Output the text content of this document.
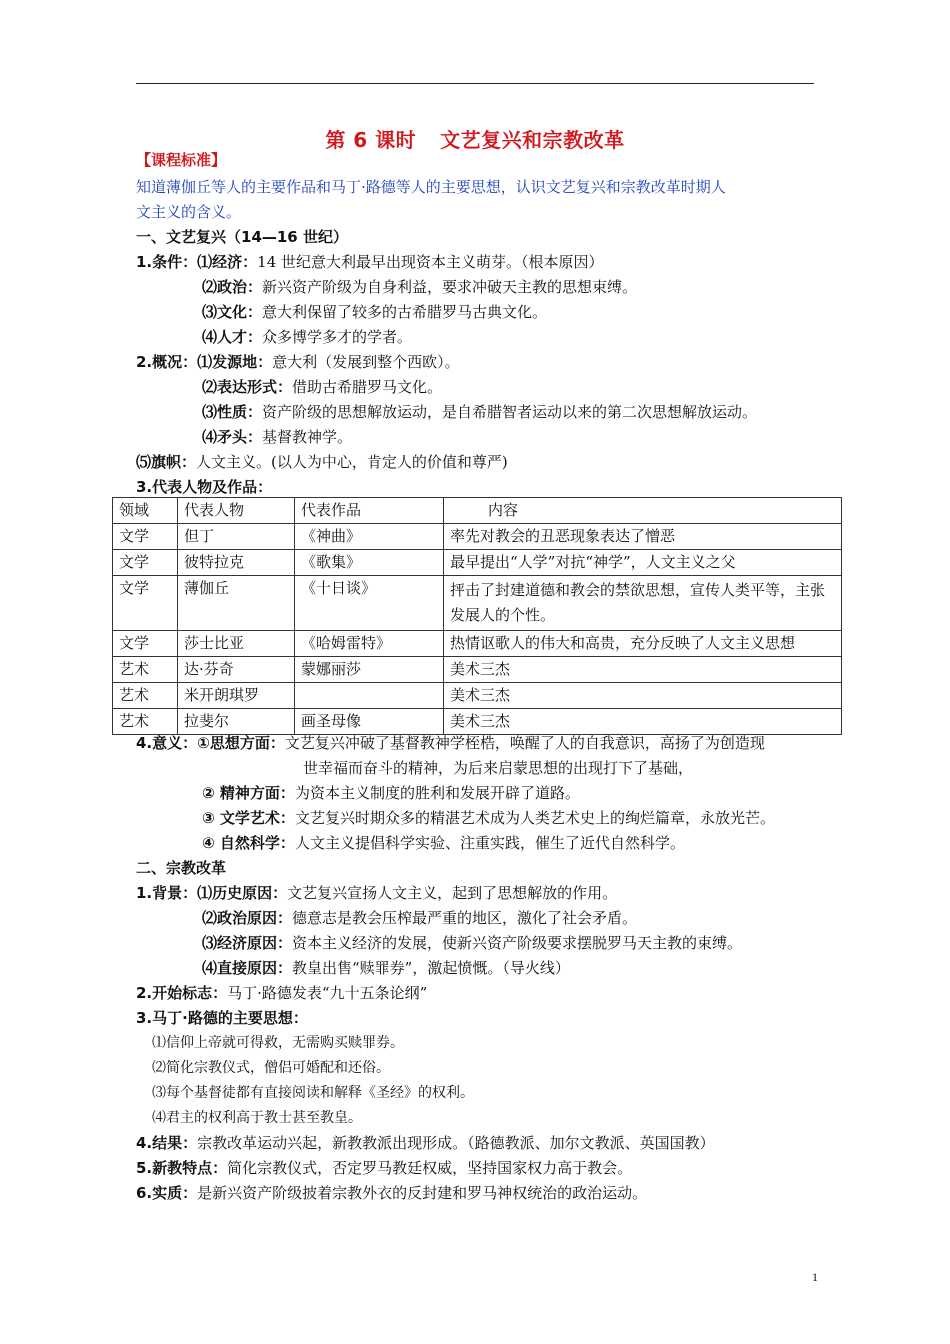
第 6 课时 文艺复兴和宗教改革
【课程标准】
知道薄伽丘等人的主要作品和马丁·路德等人的主要思想，认识文艺复兴和宗教改革时期人
文主义的含义。
一、文艺复兴（14—16 世纪）
1.条件：⑴经济：14 世纪意大利最早出现资本主义萌芽。（根本原因）
⑵政治：新兴资产阶级为自身利益，要求冲破天主教的思想束缚。
⑶文化：意大利保留了较多的古希腊罗马古典文化。
⑷人才：众多博学多才的学者。
2.概况：⑴发源地：意大利（发展到整个西欧）。
⑵表达形式：借助古希腊罗马文化。
⑶性质：资产阶级的思想解放运动，是自希腊智者运动以来的第二次思想解放运动。
⑷矛头：基督教神学。
⑸旗帜：人文主义。(以人为中心，肯定人的价值和尊严)
3.代表人物及作品：
领域	代表人物	代表作品	内容
文学	但丁	《神曲》	率先对教会的丑恶现象表达了憎恶
文学	彼特拉克	《歌集》	最早提出“人学”对抗“神学”，人文主义之父
文学	薄伽丘	《十日谈》	抨击了封建道德和教会的禁欲思想，宣传人类平等，主张发展人的个性。
文学	莎士比亚	《哈姆雷特》	热情讴歌人的伟大和高贵，充分反映了人文主义思想
艺术	达·芬奇	蒙娜丽莎	美术三杰
艺术	米开朗琪罗		美术三杰
艺术	拉斐尔	画圣母像	美术三杰
4.意义：①思想方面：文艺复兴冲破了基督教神学桎梏，唤醒了人的自我意识，高扬了为创造现
世幸福而奋斗的精神，为后来启蒙思想的出现打下了基础，
② 精神方面：为资本主义制度的胜利和发展开辟了道路。
③ 文学艺术：文艺复兴时期众多的精湛艺术成为人类艺术史上的绚烂篇章，永放光芒。
④ 自然科学：人文主义提倡科学实验、注重实践，催生了近代自然科学。
二、宗教改革
1.背景：⑴历史原因：文艺复兴宣扬人文主义，起到了思想解放的作用。
⑵政治原因：德意志是教会压榨最严重的地区，激化了社会矛盾。
⑶经济原因：资本主义经济的发展，使新兴资产阶级要求摆脱罗马天主教的束缚。
⑷直接原因：教皇出售“赎罪券”，激起愤慨。（导火线）
2.开始标志：马丁·路德发表“九十五条论纲”
3.马丁·路德的主要思想：
⑴信仰上帝就可得救，无需购买赎罪券。
⑵简化宗教仪式，僧侣可婚配和还俗。
⑶每个基督徒都有直接阅读和解释《圣经》的权利。
⑷君主的权利高于教士甚至教皇。
4.结果：宗教改革运动兴起，新教教派出现形成。（路德教派、加尔文教派、英国国教）
5.新教特点：简化宗教仪式，否定罗马教廷权威，坚持国家权力高于教会。
6.实质：是新兴资产阶级披着宗教外衣的反封建和罗马神权统治的政治运动。
1
